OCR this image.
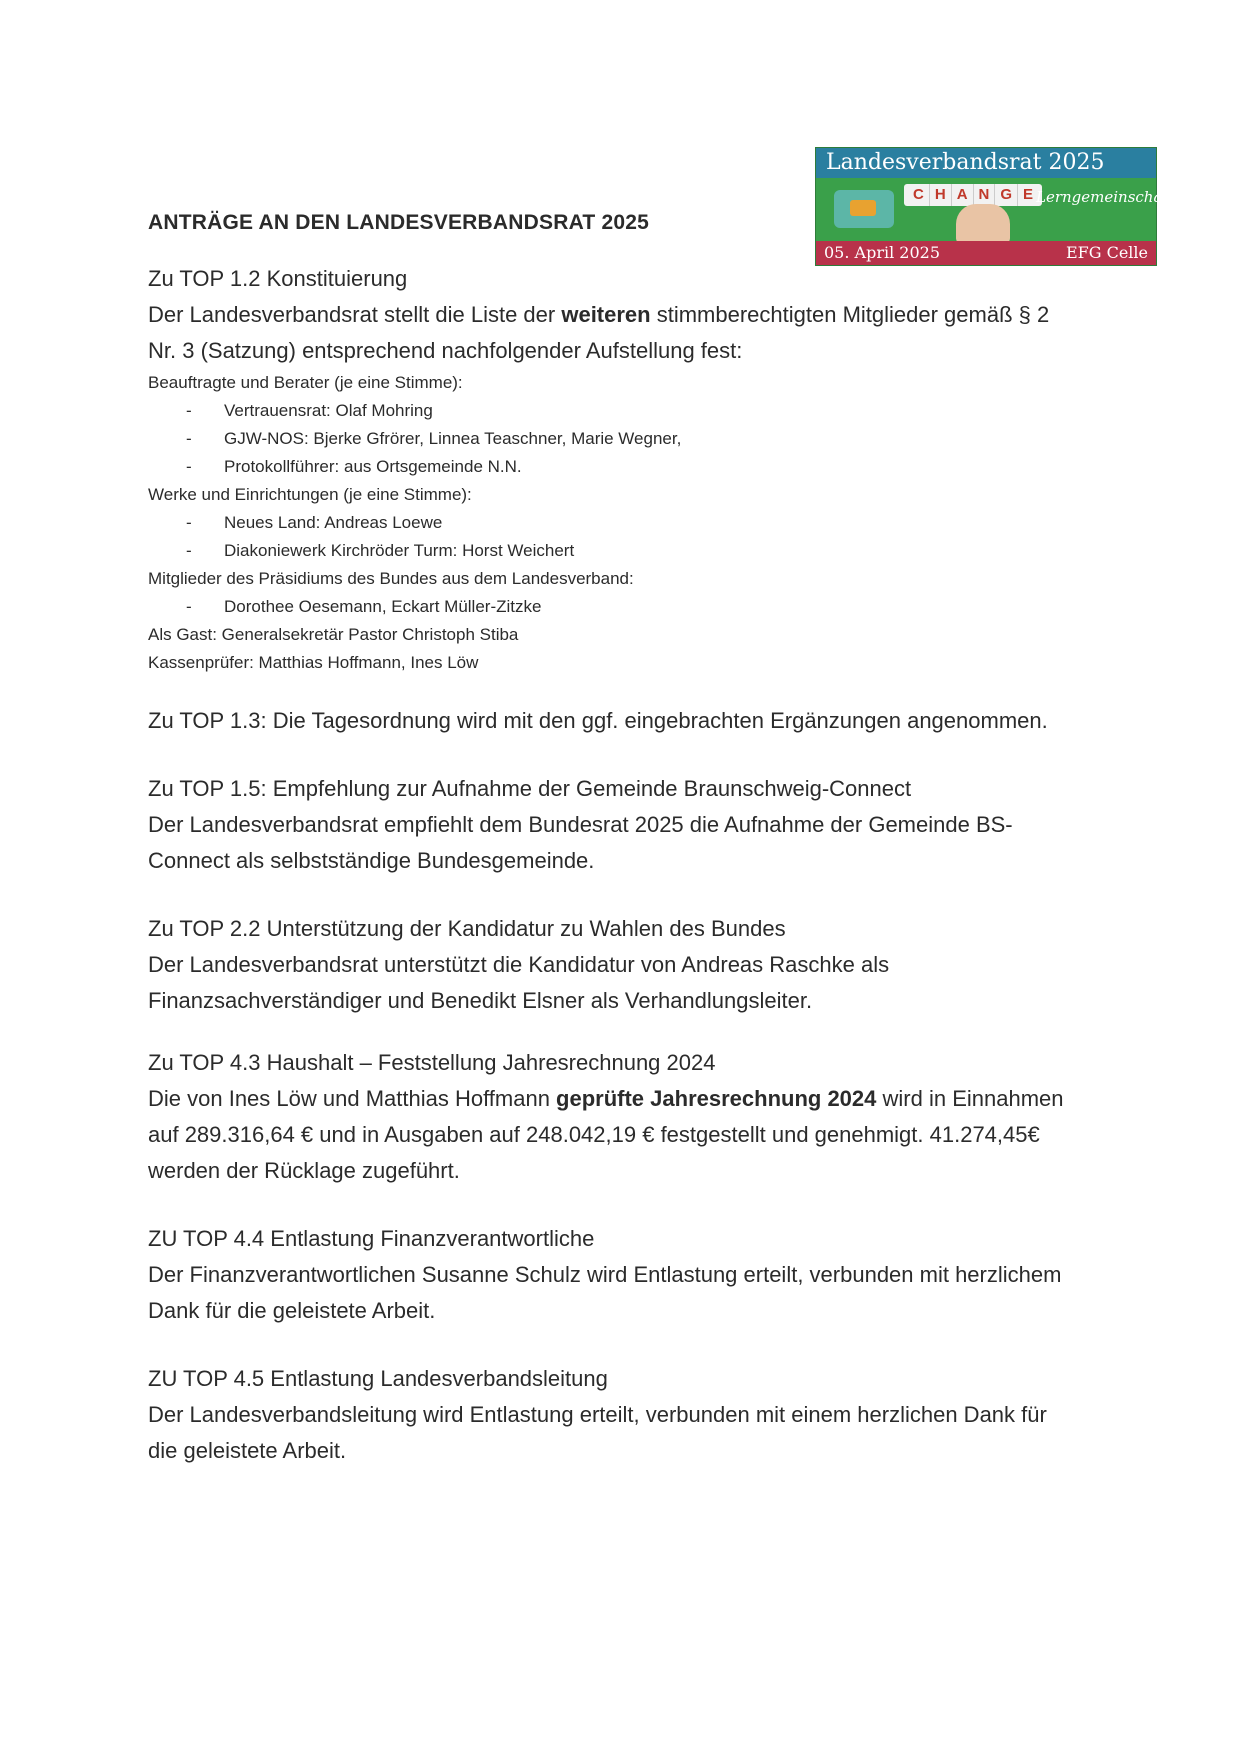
Landesverbandsrat 2025
C H A N G E Lerngemeinschaft
05. April 2025	EFG Celle

ANTRÄGE AN DEN LANDESVERBANDSRAT 2025

Zu TOP 1.2 Konstituierung

Der Landesverbandsrat stellt die Liste der weiteren stimmberechtigten Mitglieder gemäß § 2 Nr. 3 (Satzung) entsprechend nachfolgender Aufstellung fest:

Beauftragte und Berater (je eine Stimme):

- Vertrauensrat: Olaf Mohring
- GJW-NOS: Bjerke Gfrörer, Linnea Teaschner, Marie Wegner,
- Protokollführer: aus Ortsgemeinde N.N.

Werke und Einrichtungen (je eine Stimme):

- Neues Land: Andreas Loewe
- Diakoniewerk Kirchröder Turm: Horst Weichert

Mitglieder des Präsidiums des Bundes aus dem Landesverband:

- Dorothee Oesemann, Eckart Müller-Zitzke

Als Gast: Generalsekretär Pastor Christoph Stiba

Kassenprüfer: Matthias Hoffmann, Ines Löw

Zu TOP 1.3: Die Tagesordnung wird mit den ggf. eingebrachten Ergänzungen angenommen.

Zu TOP 1.5: Empfehlung zur Aufnahme der Gemeinde Braunschweig-Connect

Der Landesverbandsrat empfiehlt dem Bundesrat 2025 die Aufnahme der Gemeinde BS-Connect als selbstständige Bundesgemeinde.

Zu TOP 2.2 Unterstützung der Kandidatur zu Wahlen des Bundes

Der Landesverbandsrat unterstützt die Kandidatur von Andreas Raschke als Finanzsachverständiger und Benedikt Elsner als Verhandlungsleiter.

Zu TOP 4.3 Haushalt – Feststellung Jahresrechnung 2024

Die von Ines Löw und Matthias Hoffmann geprüfte Jahresrechnung 2024 wird in Einnahmen auf 289.316,64 € und in Ausgaben auf 248.042,19 € festgestellt und genehmigt. 41.274,45€ werden der Rücklage zugeführt.

ZU TOP 4.4 Entlastung Finanzverantwortliche

Der Finanzverantwortlichen Susanne Schulz wird Entlastung erteilt, verbunden mit herzlichem Dank für die geleistete Arbeit.

ZU TOP 4.5 Entlastung Landesverbandsleitung

Der Landesverbandsleitung wird Entlastung erteilt, verbunden mit einem herzlichen Dank für die geleistete Arbeit.
